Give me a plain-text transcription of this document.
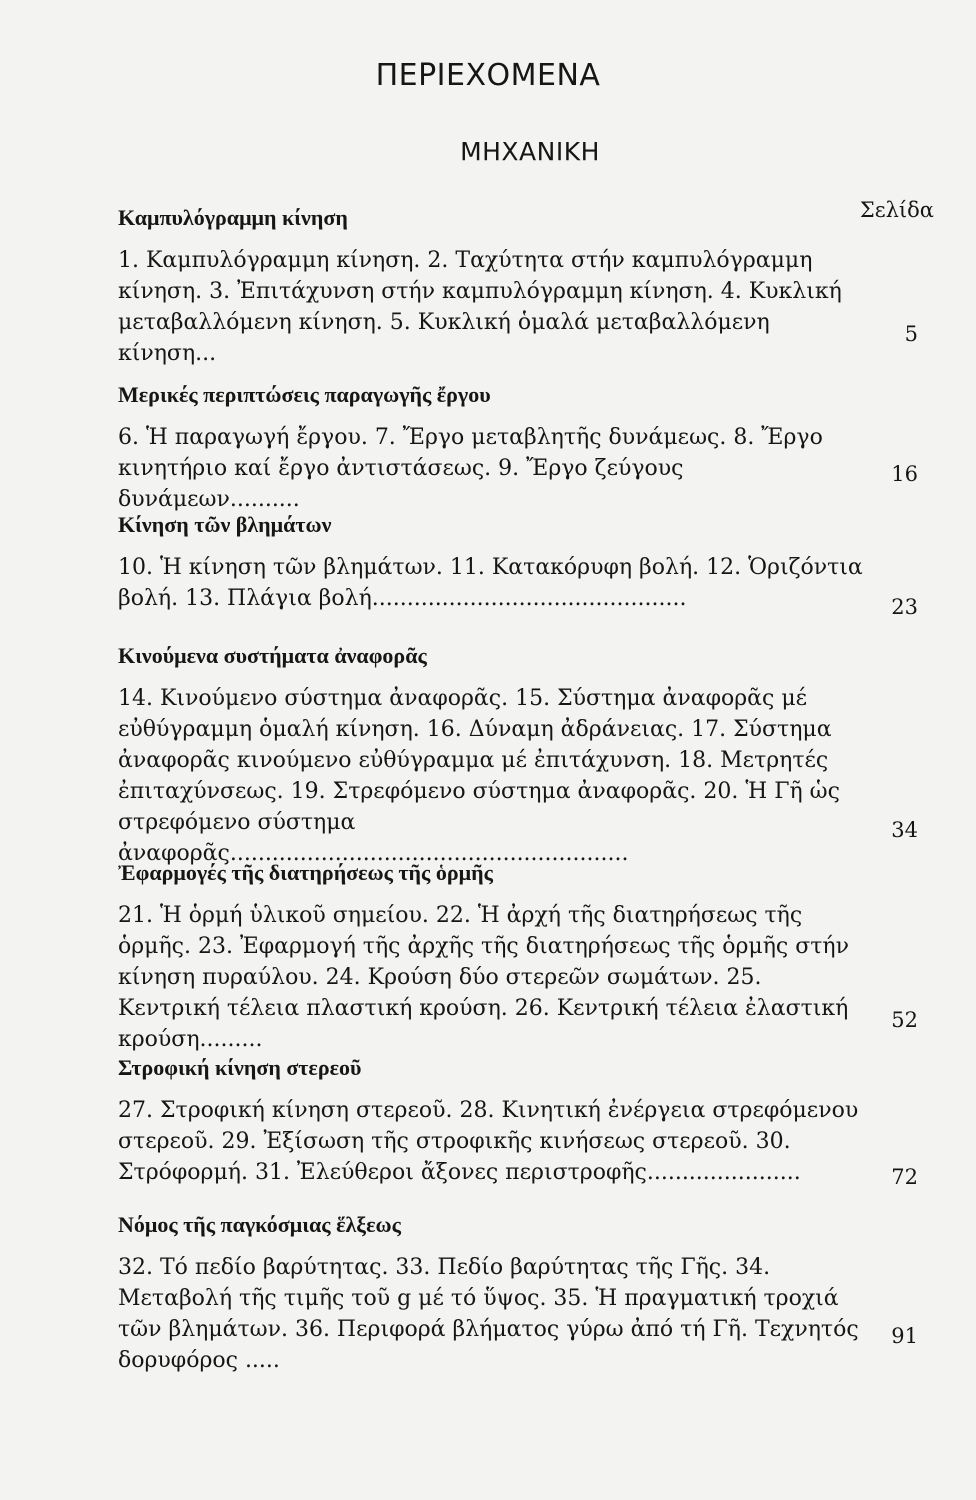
ΠΕΡΙΕΧΟΜΕΝΑ
ΜΗΧΑΝΙΚΗ
Σελίδα
Καμπυλόγραμμη κίνηση

1. Καμπυλόγραμμη κίνηση. 2. Ταχύτητα στήν καμπυλόγραμμη κίνηση. 3. Ἐπιτάχυνση στήν καμπυλόγραμμη κίνηση. 4. Κυκλική μεταβαλλόμενη κίνηση. 5. Κυκλική ὁμαλά μεταβαλλόμενη κίνηση...

5
Μερικές περιπτώσεις παραγωγῆς ἔργου

6. Ἡ παραγωγή ἔργου. 7. Ἔργο μεταβλητῆς δυνάμεως. 8. Ἔργο κινητήριο καί ἔργο ἀντιστάσεως. 9. Ἔργο ζεύγους δυνάμεων..........

16
Κίνηση τῶν βλημάτων

10. Ἡ κίνηση τῶν βλημάτων. 11. Κατακόρυφη βολή. 12. Ὁριζόντια βολή. 13. Πλάγια βολή.............................................	23
Κινούμενα συστήματα ἀναφορᾶς

14. Κινούμενο σύστημα ἀναφορᾶς. 15. Σύστημα ἀναφορᾶς μέ εὐθύγραμμη ὁμαλή κίνηση. 16. Δύναμη ἀδράνειας. 17. Σύστημα ἀναφορᾶς κινούμενο εὐθύγραμμα μέ ἐπιτάχυνση. 18. Μετρητές ἐπιταχύνσεως. 19. Στρεφόμενο σύστημα ἀναφορᾶς. 20. Ἡ Γῆ ὡς στρεφόμενο σύστημα ἀναφορᾶς.........................................................

34
Ἐφαρμογές τῆς διατηρήσεως τῆς ὁρμῆς

21. Ἡ ὁρμή ὑλικοῦ σημείου. 22. Ἡ ἀρχή τῆς διατηρήσεως τῆς ὁρμῆς. 23. Ἐφαρμογή τῆς ἀρχῆς τῆς διατηρήσεως τῆς ὁρμῆς στήν κίνηση πυραύλου. 24. Κρούση δύο στερεῶν σωμάτων. 25. Κεντρική τέλεια πλαστική κρούση. 26. Κεντρική τέλεια ἐλαστική κρούση.........

52
Στροφική κίνηση στερεοῦ

27. Στροφική κίνηση στερεοῦ. 28. Κινητική ἐνέργεια στρεφόμενου στερεοῦ. 29. Ἐξίσωση τῆς στροφικῆς κινήσεως στερεοῦ. 30. Στρόφορμή. 31. Ἐλεύθεροι ἄξονες περιστροφῆς......................	72
Νόμος τῆς παγκόσμιας ἕλξεως

32. Τό πεδίο βαρύτητας. 33. Πεδίο βαρύτητας τῆς Γῆς. 34. Μεταβολή τῆς τιμῆς τοῦ g μέ τό ὕψος. 35. Ἡ πραγματική τροχιά τῶν βλημάτων. 36. Περιφορά βλήματος γύρω ἀπό τή Γῆ. Τεχνητός δορυφόρος .....

91
